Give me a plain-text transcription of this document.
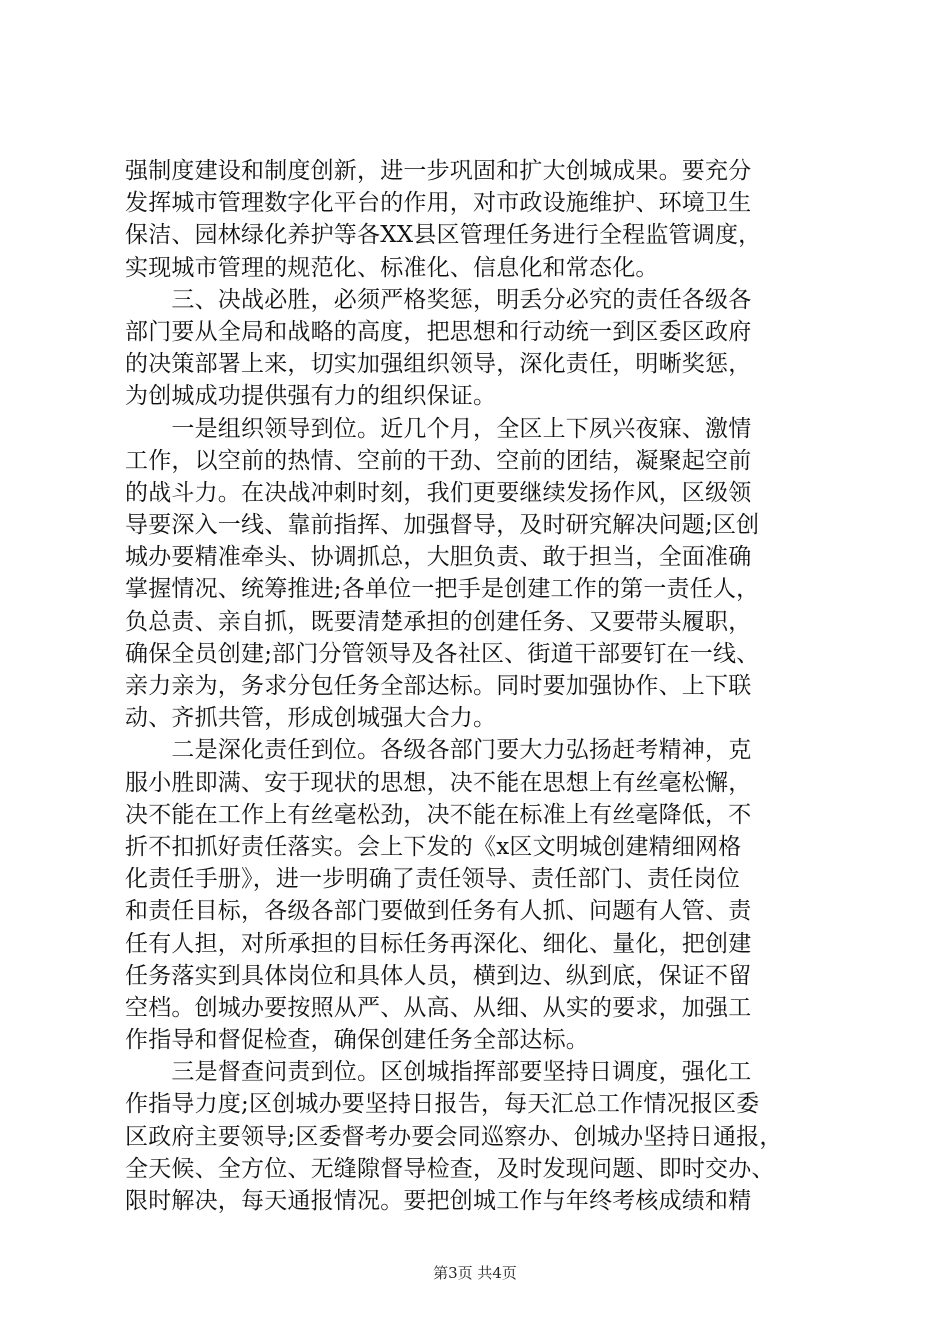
强制度建设和制度创新，进一步巩固和扩大创城成果。要充分
发挥城市管理数字化平台的作用，对市政设施维护、环境卫生
保洁、园林绿化养护等各XX县区管理任务进行全程监管调度，
实现城市管理的规范化、标准化、信息化和常态化。
　　三、决战必胜，必须严格奖惩，明丢分必究的责任各级各
部门要从全局和战略的高度，把思想和行动统一到区委区政府
的决策部署上来，切实加强组织领导，深化责任，明晰奖惩，
为创城成功提供强有力的组织保证。
　　一是组织领导到位。近几个月，全区上下夙兴夜寐、激情
工作，以空前的热情、空前的干劲、空前的团结，凝聚起空前
的战斗力。在决战冲刺时刻，我们更要继续发扬作风，区级领
导要深入一线、靠前指挥、加强督导，及时研究解决问题;区创
城办要精准牵头、协调抓总，大胆负责、敢于担当，全面准确
掌握情况、统筹推进;各单位一把手是创建工作的第一责任人，
负总责、亲自抓，既要清楚承担的创建任务、又要带头履职，
确保全员创建;部门分管领导及各社区、街道干部要钉在一线、
亲力亲为，务求分包任务全部达标。同时要加强协作、上下联
动、齐抓共管，形成创城强大合力。
　　二是深化责任到位。各级各部门要大力弘扬赶考精神，克
服小胜即满、安于现状的思想，决不能在思想上有丝毫松懈，
决不能在工作上有丝毫松劲，决不能在标准上有丝毫降低，不
折不扣抓好责任落实。会上下发的《x区文明城创建精细网格
化责任手册》，进一步明确了责任领导、责任部门、责任岗位
和责任目标，各级各部门要做到任务有人抓、问题有人管、责
任有人担，对所承担的目标任务再深化、细化、量化，把创建
任务落实到具体岗位和具体人员，横到边、纵到底，保证不留
空档。创城办要按照从严、从高、从细、从实的要求，加强工
作指导和督促检查，确保创建任务全部达标。
　　三是督查问责到位。区创城指挥部要坚持日调度，强化工
作指导力度;区创城办要坚持日报告，每天汇总工作情况报区委
区政府主要领导;区委督考办要会同巡察办、创城办坚持日通报，
全天候、全方位、无缝隙督导检查，及时发现问题、即时交办、
限时解决，每天通报情况。要把创城工作与年终考核成绩和精
第3页 共4页
